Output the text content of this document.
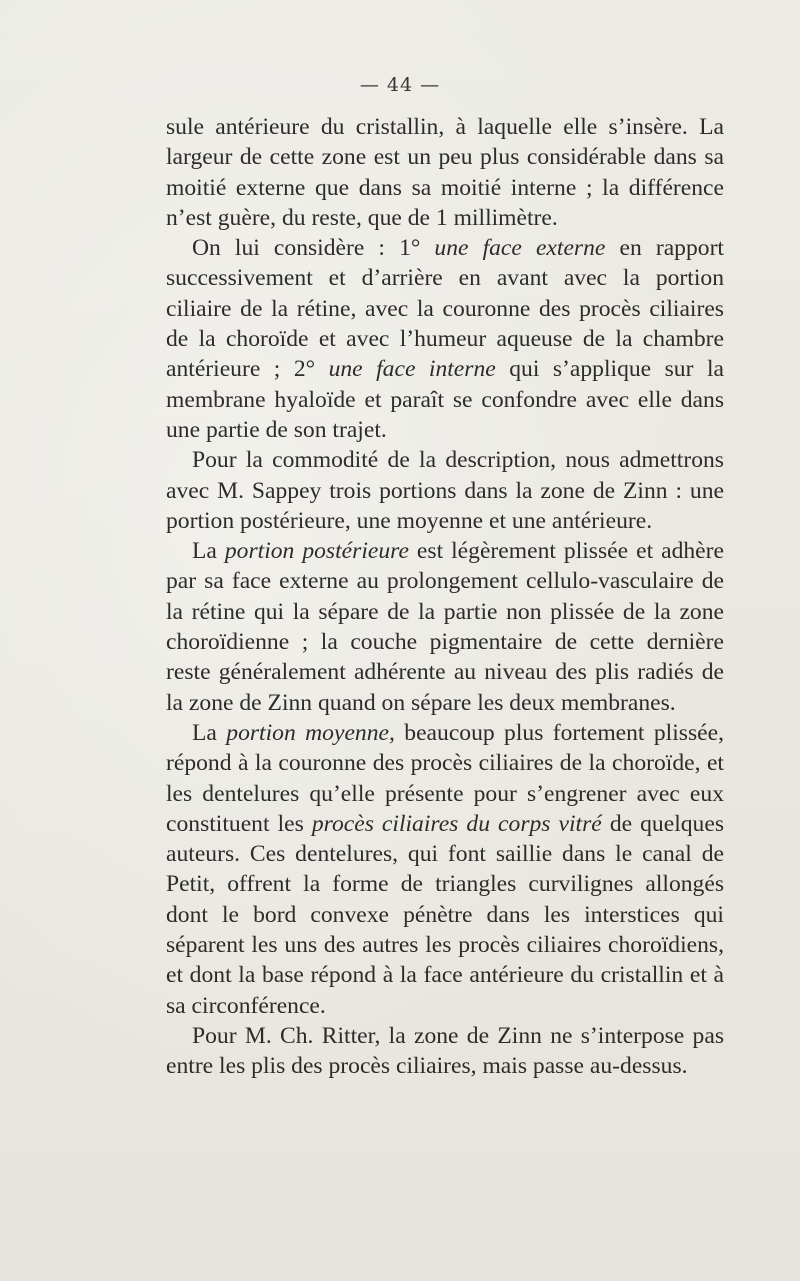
— 44 —

sule antérieure du cristallin, à laquelle elle s’insère. La largeur de cette zone est un peu plus considérable dans sa moitié externe que dans sa moitié interne ; la différence n’est guère, du reste, que de 1 millimètre.

On lui considère : 1° une face externe en rapport successivement et d’arrière en avant avec la portion ciliaire de la rétine, avec la couronne des procès ciliaires de la choroïde et avec l’humeur aqueuse de la chambre antérieure ; 2° une face interne qui s’applique sur la membrane hyaloïde et paraît se confondre avec elle dans une partie de son trajet.

Pour la commodité de la description, nous admettrons avec M. Sappey trois portions dans la zone de Zinn : une portion postérieure, une moyenne et une antérieure.

La portion postérieure est légèrement plissée et adhère par sa face externe au prolongement cellulo-vasculaire de la rétine qui la sépare de la partie non plissée de la zone choroïdienne ; la couche pigmentaire de cette dernière reste généralement adhérente au niveau des plis radiés de la zone de Zinn quand on sépare les deux membranes.

La portion moyenne, beaucoup plus fortement plissée, répond à la couronne des procès ciliaires de la choroïde, et les dentelures qu’elle présente pour s’engrener avec eux constituent les procès ciliaires du corps vitré de quelques auteurs. Ces dentelures, qui font saillie dans le canal de Petit, offrent la forme de triangles curvilignes allongés dont le bord convexe pénètre dans les interstices qui séparent les uns des autres les procès ciliaires choroïdiens, et dont la base répond à la face antérieure du cristallin et à sa circonférence.

Pour M. Ch. Ritter, la zone de Zinn ne s’interpose pas entre les plis des procès ciliaires, mais passe au-dessus.
